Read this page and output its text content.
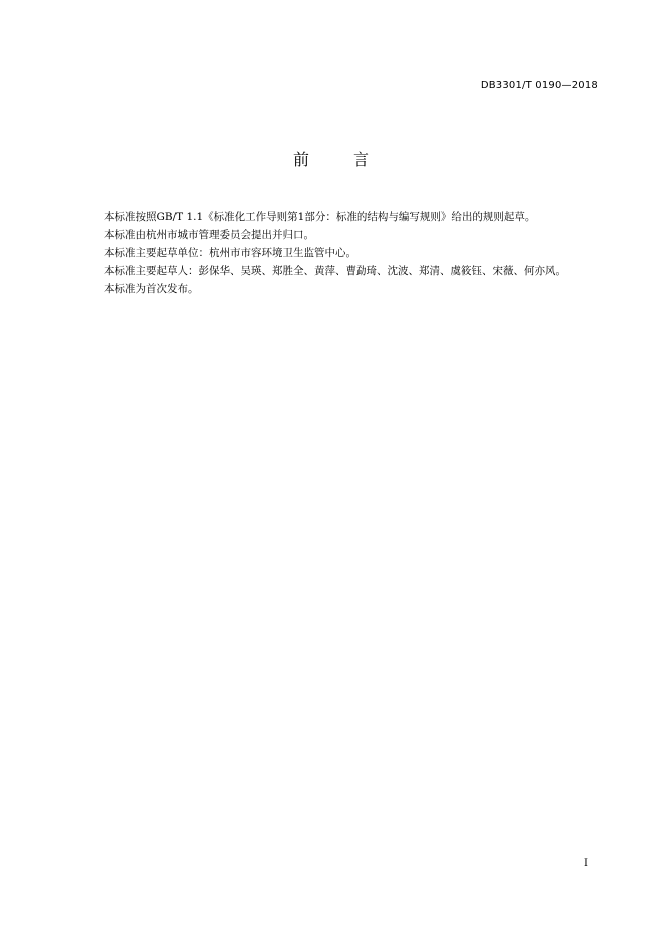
DB3301/T 0190—2018
前	言

本标准按照GB/T 1.1《标准化工作导则第1部分：标准的结构与编写规则》给出的规则起草。

本标准由杭州市城市管理委员会提出并归口。

本标准主要起草单位：杭州市市容环境卫生监管中心。

本标准主要起草人：彭保华、吴瑛、郑胜全、黄萍、曹勐琦、沈波、郑清、虞筱钰、宋薇、何亦风。

本标准为首次发布。

I
